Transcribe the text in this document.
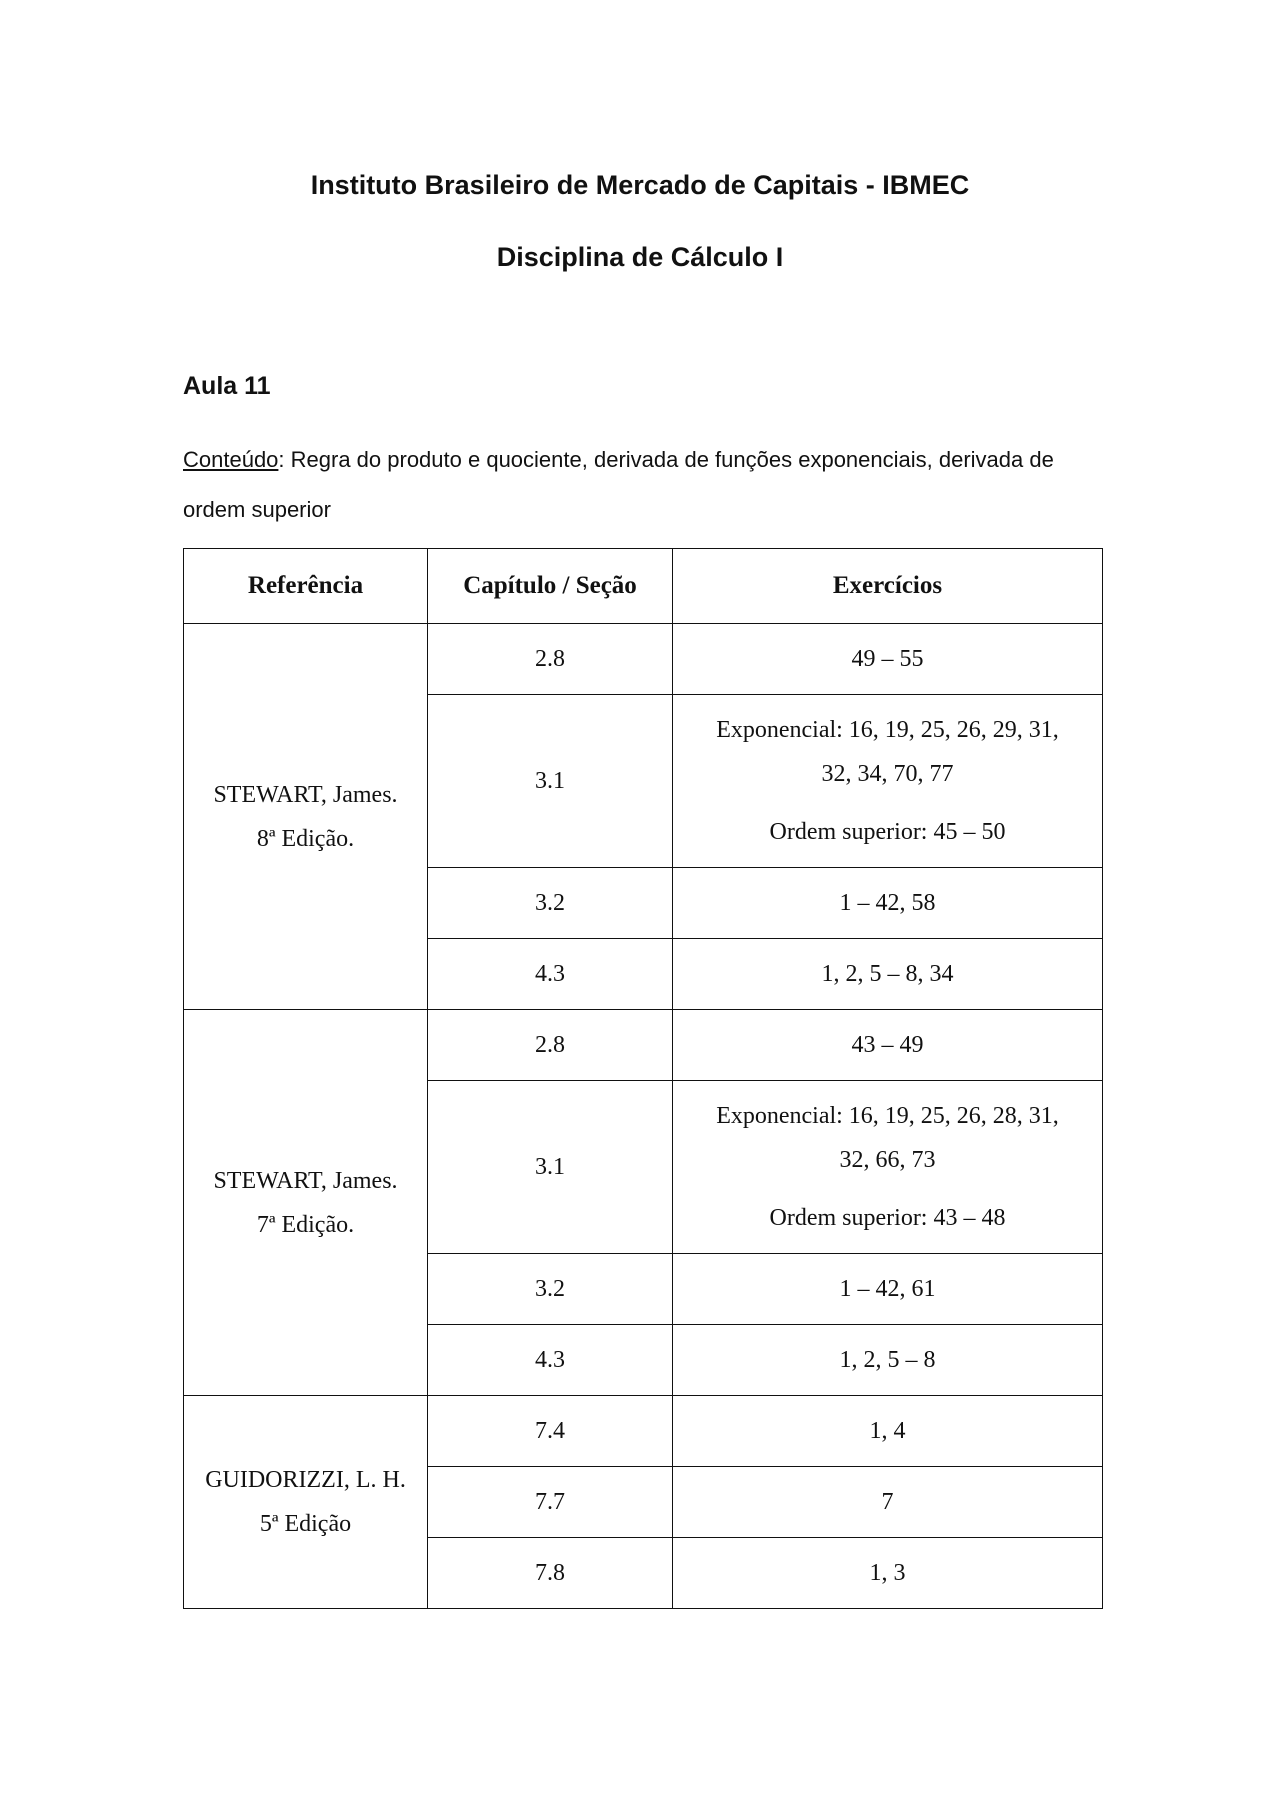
Instituto Brasileiro de Mercado de Capitais - IBMEC
Disciplina de Cálculo I
Aula 11
Conteúdo: Regra do produto e quociente, derivada de funções exponenciais, derivada de ordem superior
Referência	Capítulo / Seção	Exercícios
STEWART, James.
8ª Edição.	2.8	49 – 55
	3.1	Exponencial: 16, 19, 25, 26, 29, 31,
32, 34, 70, 77
Ordem superior: 45 – 50
	3.2	1 – 42, 58
	4.3	1, 2, 5 – 8, 34
STEWART, James.
7ª Edição.	2.8	43 – 49
	3.1	Exponencial: 16, 19, 25, 26, 28, 31,
32, 66, 73
Ordem superior: 43 – 48
	3.2	1 – 42, 61
	4.3	1, 2, 5 – 8
GUIDORIZZI, L. H.
5ª Edição	7.4	1, 4
	7.7	7
	7.8	1, 3
